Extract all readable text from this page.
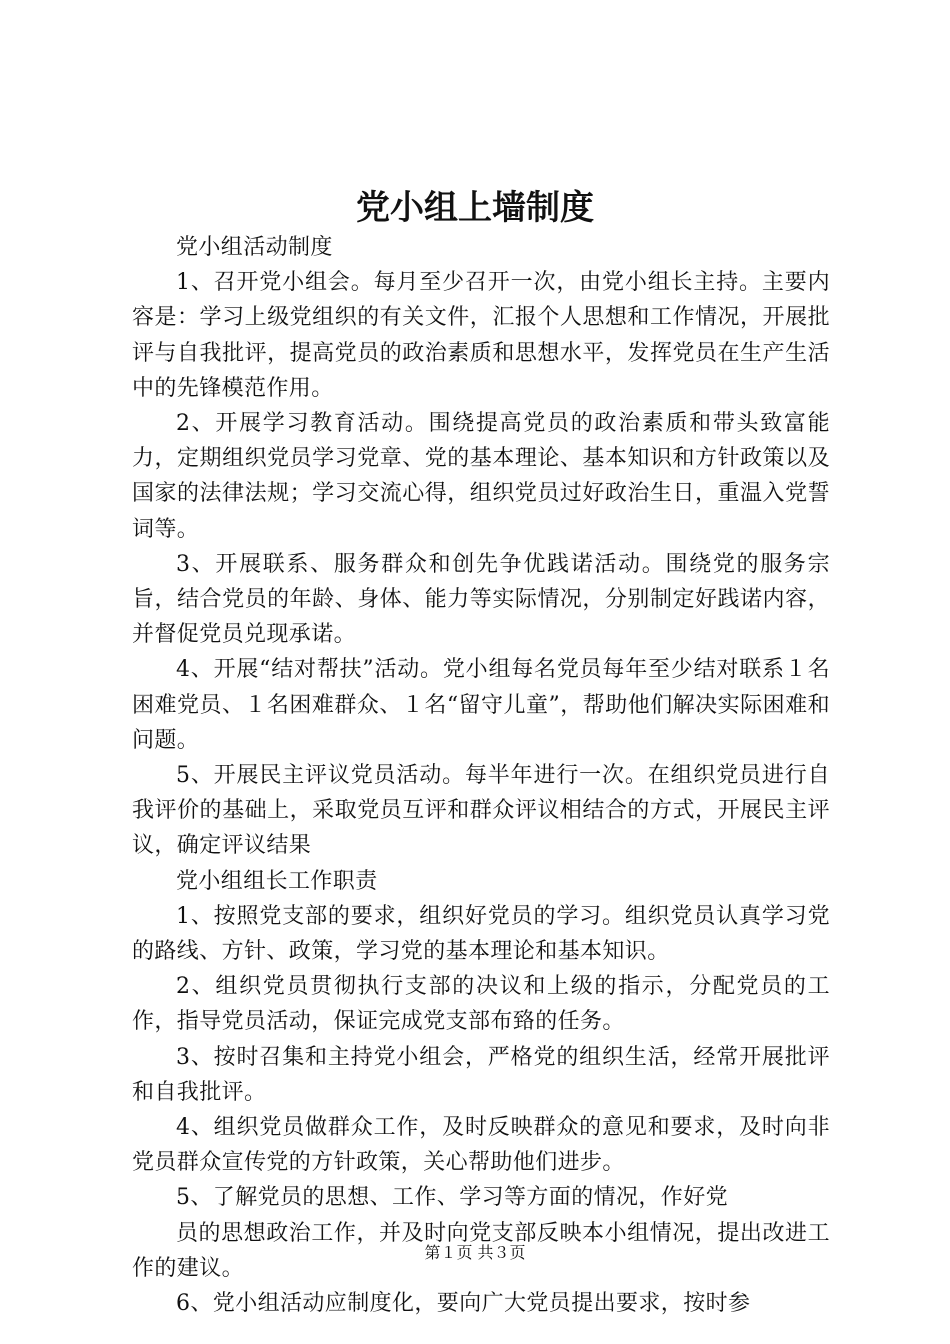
党小组上墙制度

党小组活动制度

1、召开党小组会。每月至少召开一次，由党小组长主持。主要内容是：学习上级党组织的有关文件，汇报个人思想和工作情况，开展批评与自我批评，提高党员的政治素质和思想水平，发挥党员在生产生活中的先锋模范作用。

2、开展学习教育活动。围绕提高党员的政治素质和带头致富能力，定期组织党员学习党章、党的基本理论、基本知识和方针政策以及国家的法律法规；学习交流心得，组织党员过好政治生日，重温入党誓词等。

3、开展联系、服务群众和创先争优践诺活动。围绕党的服务宗旨，结合党员的年龄、身体、能力等实际情况，分别制定好践诺内容，并督促党员兑现承诺。

4、开展“结对帮扶”活动。党小组每名党员每年至少结对联系１名困难党员、１名困难群众、１名“留守儿童”，帮助他们解决实际困难和问题。

5、开展民主评议党员活动。每半年进行一次。在组织党员进行自我评价的基础上，采取党员互评和群众评议相结合的方式，开展民主评议，确定评议结果

党小组组长工作职责

1、按照党支部的要求，组织好党员的学习。组织党员认真学习党的路线、方针、政策，学习党的基本理论和基本知识。

2、组织党员贯彻执行支部的决议和上级的指示，分配党员的工作，指导党员活动，保证完成党支部布臵的任务。

3、按时召集和主持党小组会，严格党的组织生活，经常开展批评和自我批评。

4、组织党员做群众工作，及时反映群众的意见和要求，及时向非党员群众宣传党的方针政策，关心帮助他们进步。

5、了解党员的思想、工作、学习等方面的情况，作好党

员的思想政治工作，并及时向党支部反映本小组情况，提出改进工作的建议。

6、党小组活动应制度化，要向广大党员提出要求，按时参

第１页 共３页
